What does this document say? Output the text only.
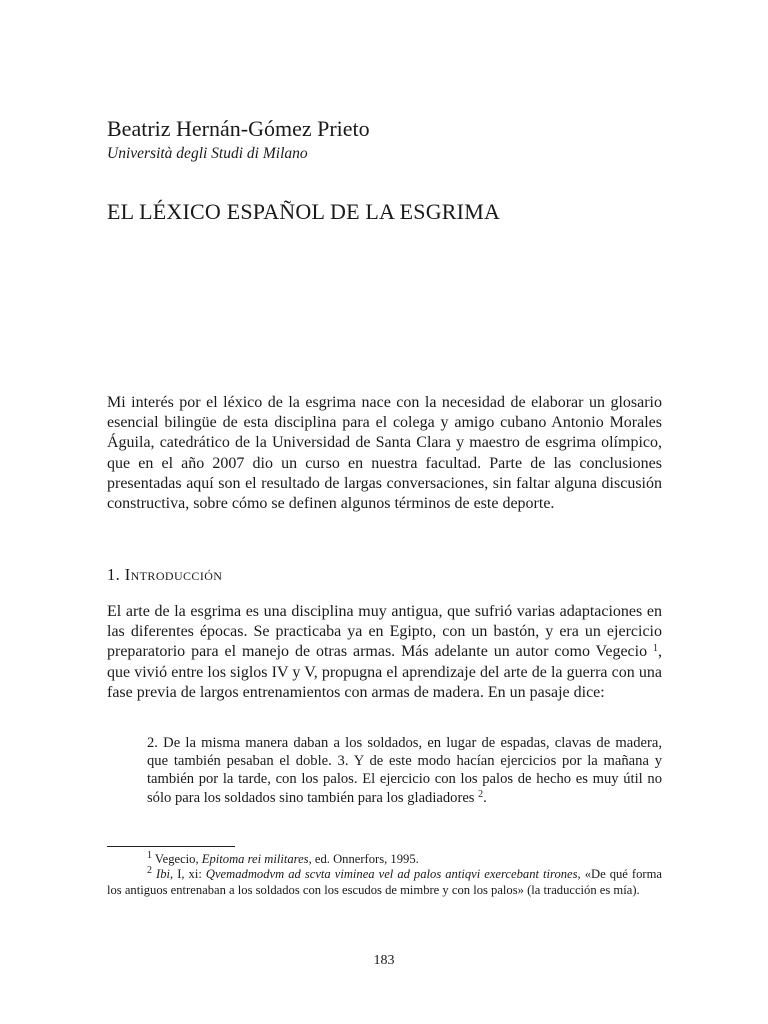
Beatriz Hernán-Gómez Prieto
Università degli Studi di Milano
EL LÉXICO ESPAÑOL DE LA ESGRIMA

Mi interés por el léxico de la esgrima nace con la necesidad de elaborar un glosario esencial bilingüe de esta disciplina para el colega y amigo cubano Antonio Morales Águila, catedrático de la Universidad de Santa Clara y maestro de esgrima olímpico, que en el año 2007 dio un curso en nuestra facultad. Parte de las conclusiones presentadas aquí son el resultado de largas conversaciones, sin faltar alguna discusión constructiva, sobre cómo se definen algunos términos de este deporte.

1. Introducción

El arte de la esgrima es una disciplina muy antigua, que sufrió varias adaptaciones en las diferentes épocas. Se practicaba ya en Egipto, con un bastón, y era un ejercicio preparatorio para el manejo de otras armas. Más adelante un autor como Vegecio $^1$, que vivió entre los siglos IV y V, propugna el aprendizaje del arte de la guerra con una fase previa de largos entrenamientos con armas de madera. En un pasaje dice:

2. De la misma manera daban a los soldados, en lugar de espadas, clavas de madera, que también pesaban el doble. 3. Y de este modo hacían ejercicios por la mañana y también por la tarde, con los palos. El ejercicio con los palos de hecho es muy útil no sólo para los soldados sino también para los gladiadores $^2$.

$^1$ Vegecio, Epitoma rei militares, ed. Onnerfors, 1995.

$^2$ Ibi, I, xi: Qvemadmodvm ad scvta viminea vel ad palos antiqvi exercebant tirones, «De qué forma los antiguos entrenaban a los soldados con los escudos de mimbre y con los palos» (la traducción es mía).

183
